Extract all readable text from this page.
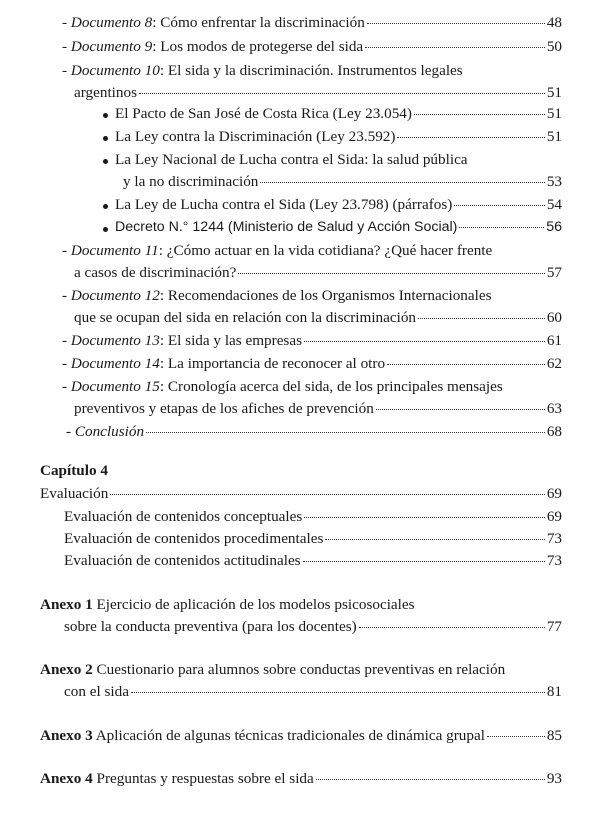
- Documento 8: Cómo enfrentar la discriminación	48
- Documento 9: Los modos de protegerse del sida	50
- Documento 10: El sida y la discriminación. Instrumentos legales
argentinos	51
El Pacto de San José de Costa Rica (Ley 23.054)	51
La Ley contra la Discriminación (Ley 23.592)	51
La Ley Nacional de Lucha contra el Sida: la salud pública
y la no discriminación	53
La Ley de Lucha contra el Sida (Ley 23.798) (párrafos)	54
Decreto N.° 1244 (Ministerio de Salud y Acción Social)	56
- Documento 11: ¿Cómo actuar en la vida cotidiana? ¿Qué hacer frente
a casos de discriminación?	57
- Documento 12: Recomendaciones de los Organismos Internacionales
que se ocupan del sida en relación con la discriminación	60
- Documento 13: El sida y las empresas	61
- Documento 14: La importancia de reconocer al otro	62
- Documento 15: Cronología acerca del sida, de los principales mensajes
preventivos y etapas de los afiches de prevención	63
- Conclusión	68
Capítulo 4
Evaluación	69
Evaluación de contenidos conceptuales	69
Evaluación de contenidos procedimentales	73
Evaluación de contenidos actitudinales	73
Anexo 1 Ejercicio de aplicación de los modelos psicosociales
sobre la conducta preventiva (para los docentes)	77
Anexo 2 Cuestionario para alumnos sobre conductas preventivas en relación
con el sida	81
Anexo 3 Aplicación de algunas técnicas tradicionales de dinámica grupal	85
Anexo 4 Preguntas y respuestas sobre el sida	93
